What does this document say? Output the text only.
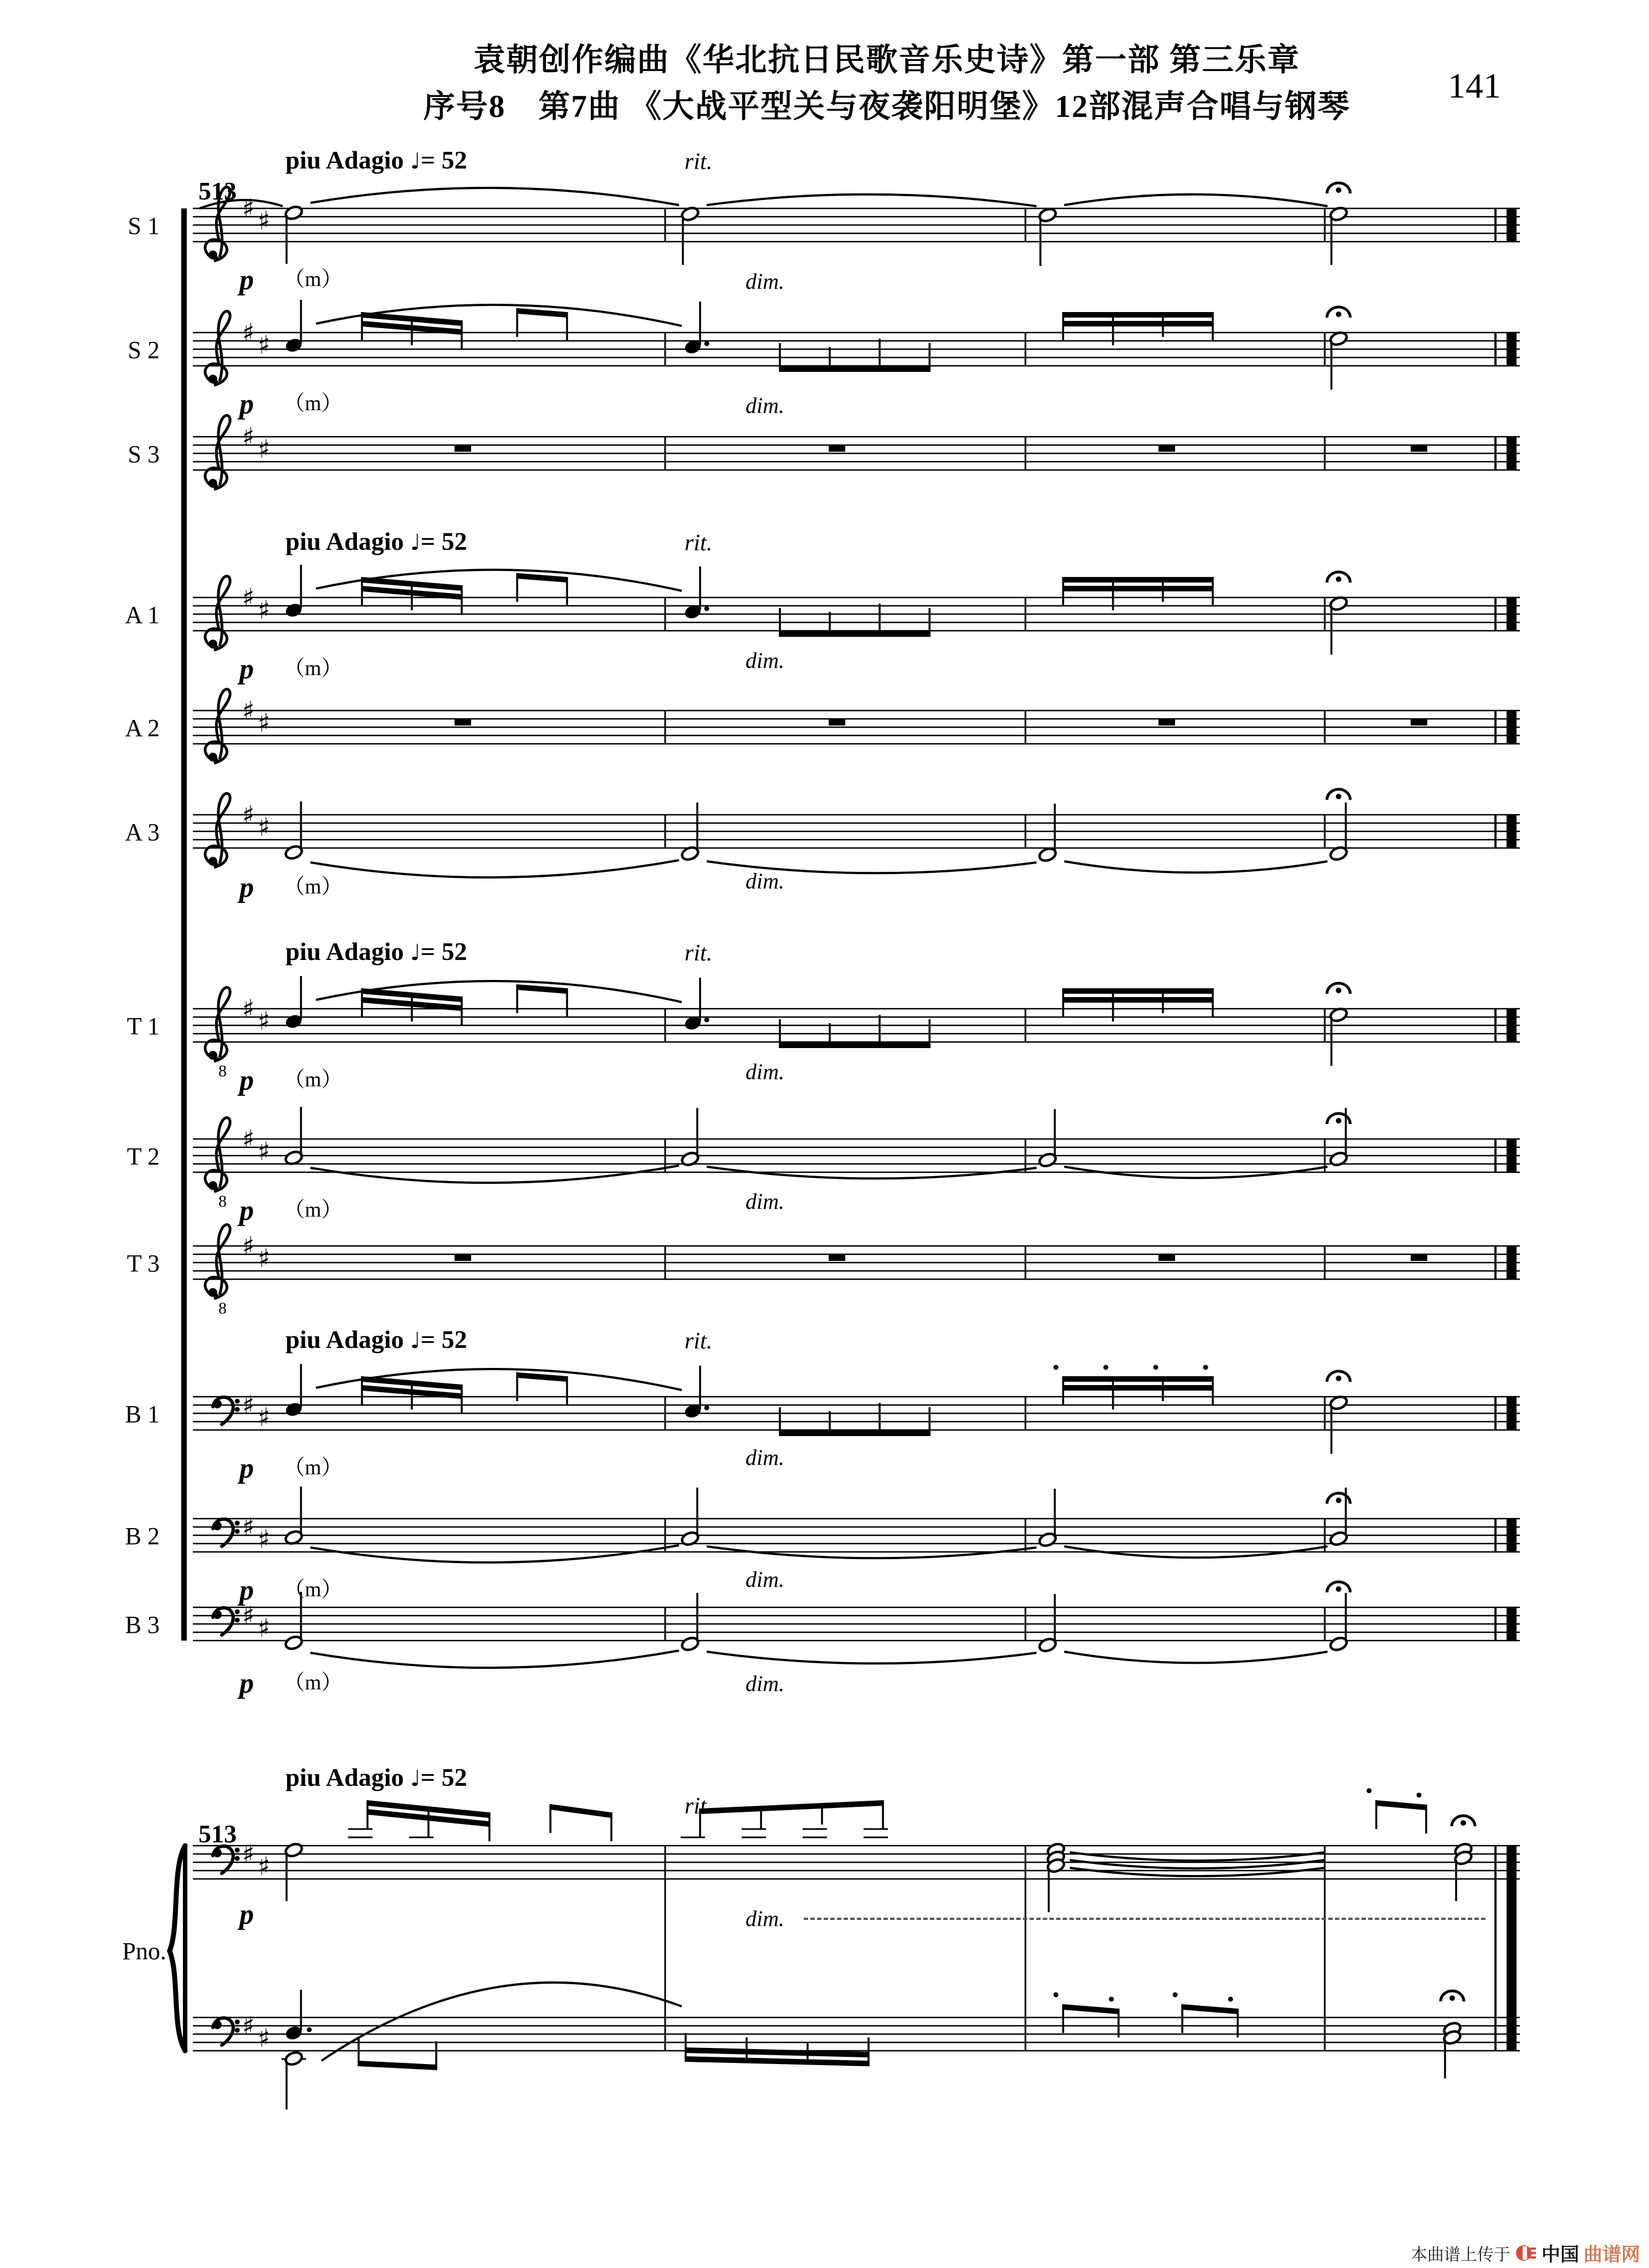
袁朝创作编曲《华北抗日民歌音乐史诗》第一部 第三乐章
序号8　第7曲 《大战平型关与夜袭阳明堡》12部混声合唱与钢琴
141
S 1
♯ ♯
S 2
♯ ♯
S 3
♯ ♯
A 1
♯ ♯
A 2
♯ ♯
A 3
♯ ♯
T 1
8
♯ ♯
T 2
8
♯ ♯
T 3
8
♯ ♯
B 1	♯ ♯
B 2	♯ ♯
B 3	♯ ♯
Pno.
♯ ♯
♯ ♯
piu Adagio ♩= 52	rit.
513
piu Adagio ♩= 52	rit.
piu Adagio ♩= 52	rit.
piu Adagio ♩= 52	rit.
piu Adagio ♩= 52
rit.
513
p （m）
p （m）
p （m）
p （m）
p （m）
p （m）
p （m）
p （m）
p （m）
p
dim.
dim.
dim.
dim.
dim.
dim.
dim.
dim.
dim.
dim.
本曲谱上传于 中国 曲谱网
